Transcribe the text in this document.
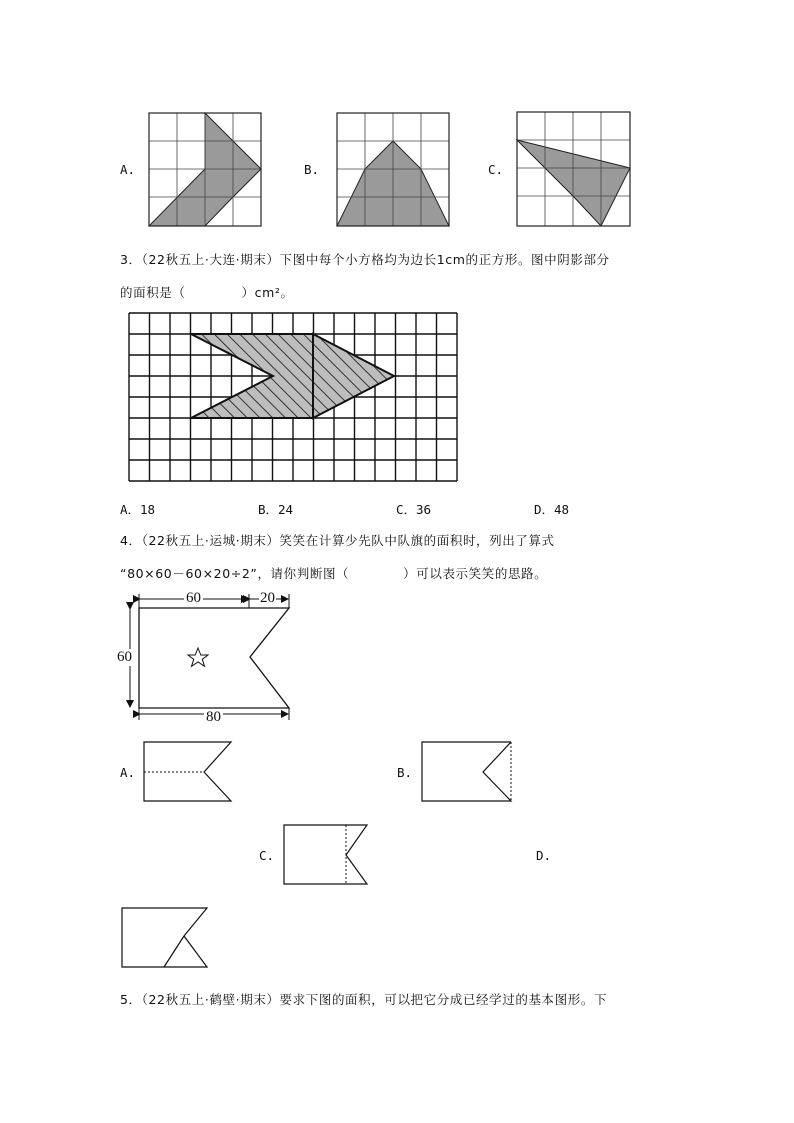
A.	B.	C.
3．（22秋五上·大连·期末）下图中每个小方格均为边长1cm的正方形。图中阴影部分
的面积是（	）cm²。
A．18	B．24	C．36	D．48
4．（22秋五上·运城·期末）笑笑在计算少先队中队旗的面积时，列出了算式
“80×60－60×20÷2”，请你判断图（	）可以表示笑笑的思路。
60	20
60
80
A.	B.
C.	D.
5．（22秋五上·鹤壁·期末）要求下图的面积，可以把它分成已经学过的基本图形。下
